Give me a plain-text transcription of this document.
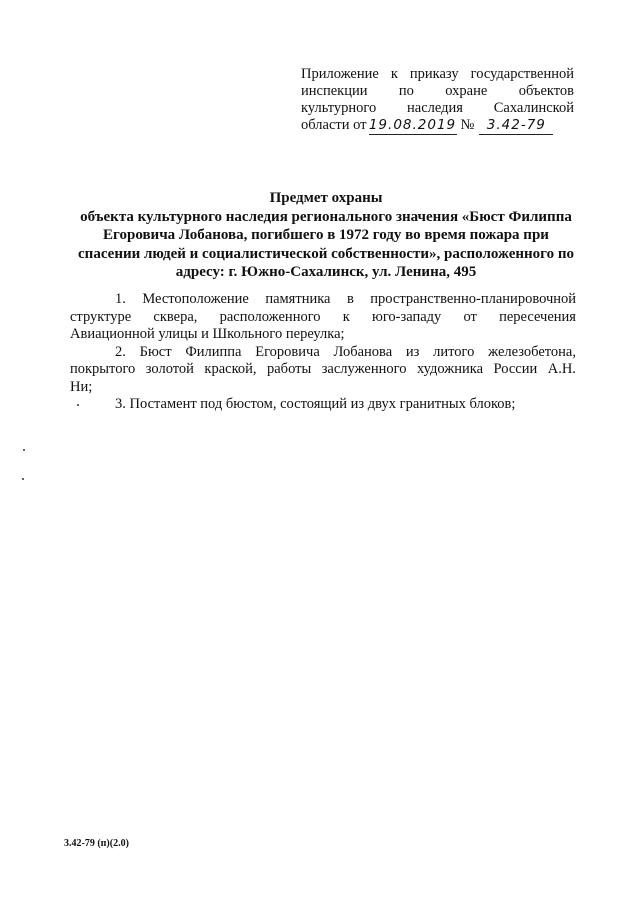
Приложение к приказу государственной
инспекции по охране объектов
культурного наследия Сахалинской
области от 19.08.2019 № 3.42-79
Предмет охраны
объекта культурного наследия регионального значения «Бюст Филиппа
Егоровича Лобанова, погибшего в 1972 году во время пожара при
спасении людей и социалистической собственности», расположенного по
адресу: г. Южно-Сахалинск, ул. Ленина, 495
1. Местоположение памятника в пространственно-планировочной
структуре сквера, расположенного к юго-западу от пересечения
Авиационной улицы и Школьного переулка;
2. Бюст Филиппа Егоровича Лобанова из литого железобетона,
покрытого золотой краской, работы заслуженного художника России А.Н.
Ни;
3. Постамент под бюстом, состоящий из двух гранитных блоков;
3.42-79 (п)(2.0)
